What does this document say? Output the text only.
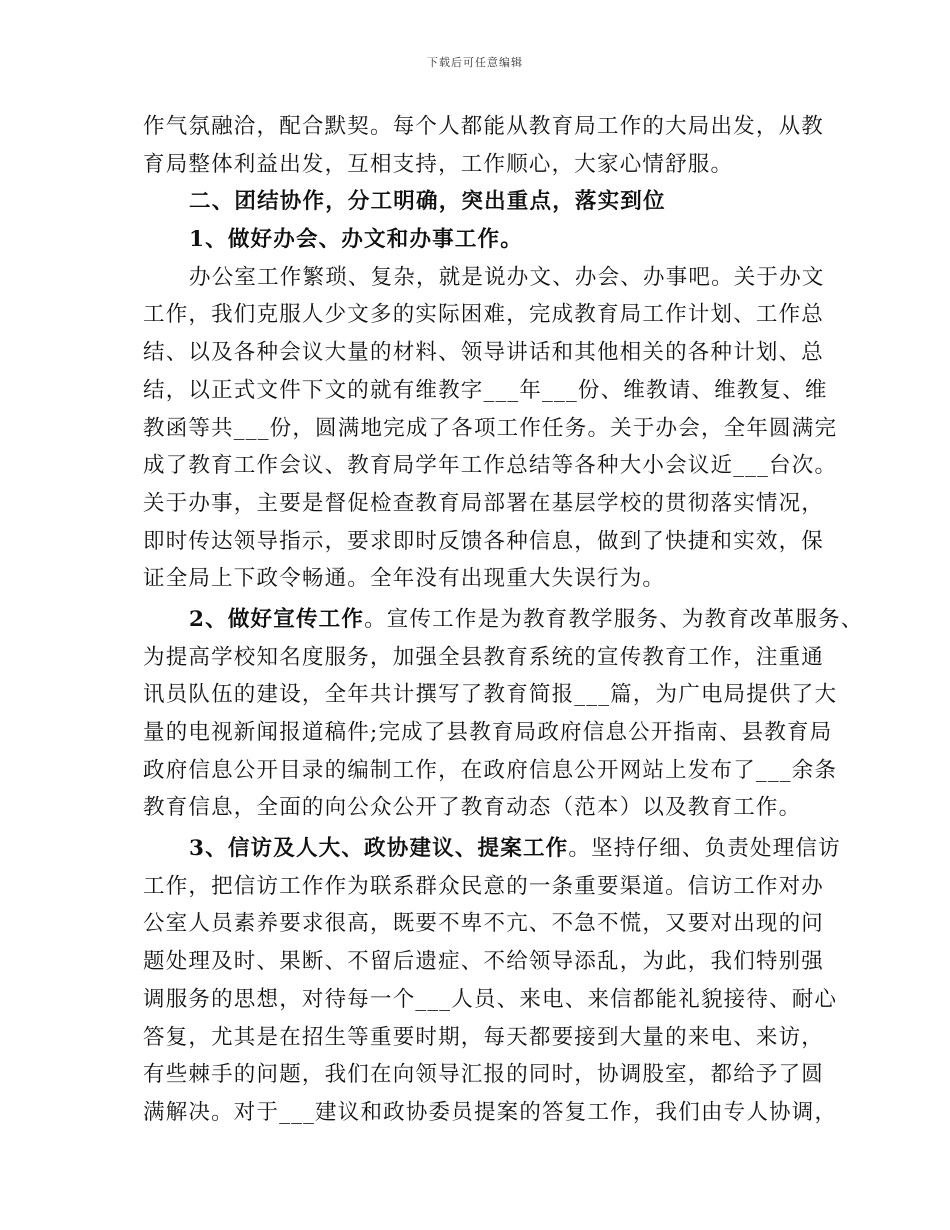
下载后可任意编辑
作气氛融洽，配合默契。每个人都能从教育局工作的大局出发，从教
育局整体利益出发，互相支持，工作顺心，大家心情舒服。
二、团结协作，分工明确，突出重点，落实到位
1、做好办会、办文和办事工作。
办公室工作繁琐、复杂，就是说办文、办会、办事吧。关于办文
工作，我们克服人少文多的实际困难，完成教育局工作计划、工作总
结、以及各种会议大量的材料、领导讲话和其他相关的各种计划、总
结，以正式文件下文的就有维教字___年___份、维教请、维教复、维
教函等共___份，圆满地完成了各项工作任务。关于办会，全年圆满完
成了教育工作会议、教育局学年工作总结等各种大小会议近___台次。
关于办事，主要是督促检查教育局部署在基层学校的贯彻落实情况，
即时传达领导指示，要求即时反馈各种信息，做到了快捷和实效，保
证全局上下政令畅通。全年没有出现重大失误行为。
2、做好宣传工作。宣传工作是为教育教学服务、为教育改革服务、
为提高学校知名度服务，加强全县教育系统的宣传教育工作，注重通
讯员队伍的建设，全年共计撰写了教育简报___篇，为广电局提供了大
量的电视新闻报道稿件;完成了县教育局政府信息公开指南、县教育局
政府信息公开目录的编制工作，在政府信息公开网站上发布了___余条
教育信息，全面的向公众公开了教育动态（范本）以及教育工作。
3、信访及人大、政协建议、提案工作。坚持仔细、负责处理信访
工作，把信访工作作为联系群众民意的一条重要渠道。信访工作对办
公室人员素养要求很高，既要不卑不亢、不急不慌，又要对出现的问
题处理及时、果断、不留后遗症、不给领导添乱，为此，我们特别强
调服务的思想，对待每一个___人员、来电、来信都能礼貌接待、耐心
答复，尤其是在招生等重要时期，每天都要接到大量的来电、来访，
有些棘手的问题，我们在向领导汇报的同时，协调股室，都给予了圆
满解决。对于___建议和政协委员提案的答复工作，我们由专人协调，
